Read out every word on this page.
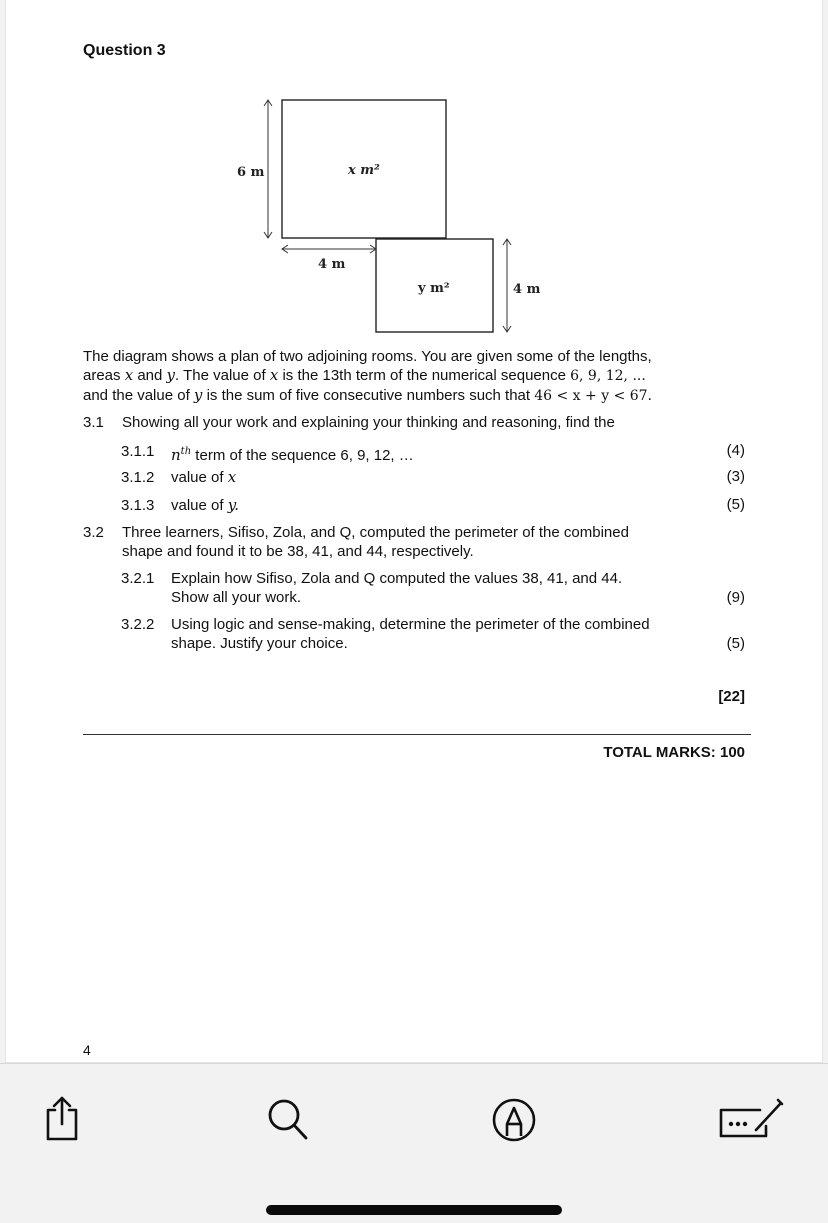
Question 3
6 m	x m²
4 m
y m²	4 m
The diagram shows a plan of two adjoining rooms. You are given some of the lengths,
areas x and y. The value of x is the 13th term of the numerical sequence 6, 9, 12, ...
and the value of y is the sum of five consecutive numbers such that 46 < x + y < 67.
3.1 Showing all your work and explaining your thinking and reasoning, find the
3.1.1 $n^{th}$ term of the sequence 6, 9, 12, …	(4)
3.1.2 value of x	(3)
3.1.3 value of y.	(5)
3.2 Three learners, Sifiso, Zola, and Q, computed the perimeter of the combined
shape and found it to be 38, 41, and 44, respectively.
3.2.1 Explain how Sifiso, Zola and Q computed the values 38, 41, and 44.
Show all your work.	(9)
3.2.2 Using logic and sense-making, determine the perimeter of the combined
shape. Justify your choice.	(5)
[22]
TOTAL MARKS: 100
4
